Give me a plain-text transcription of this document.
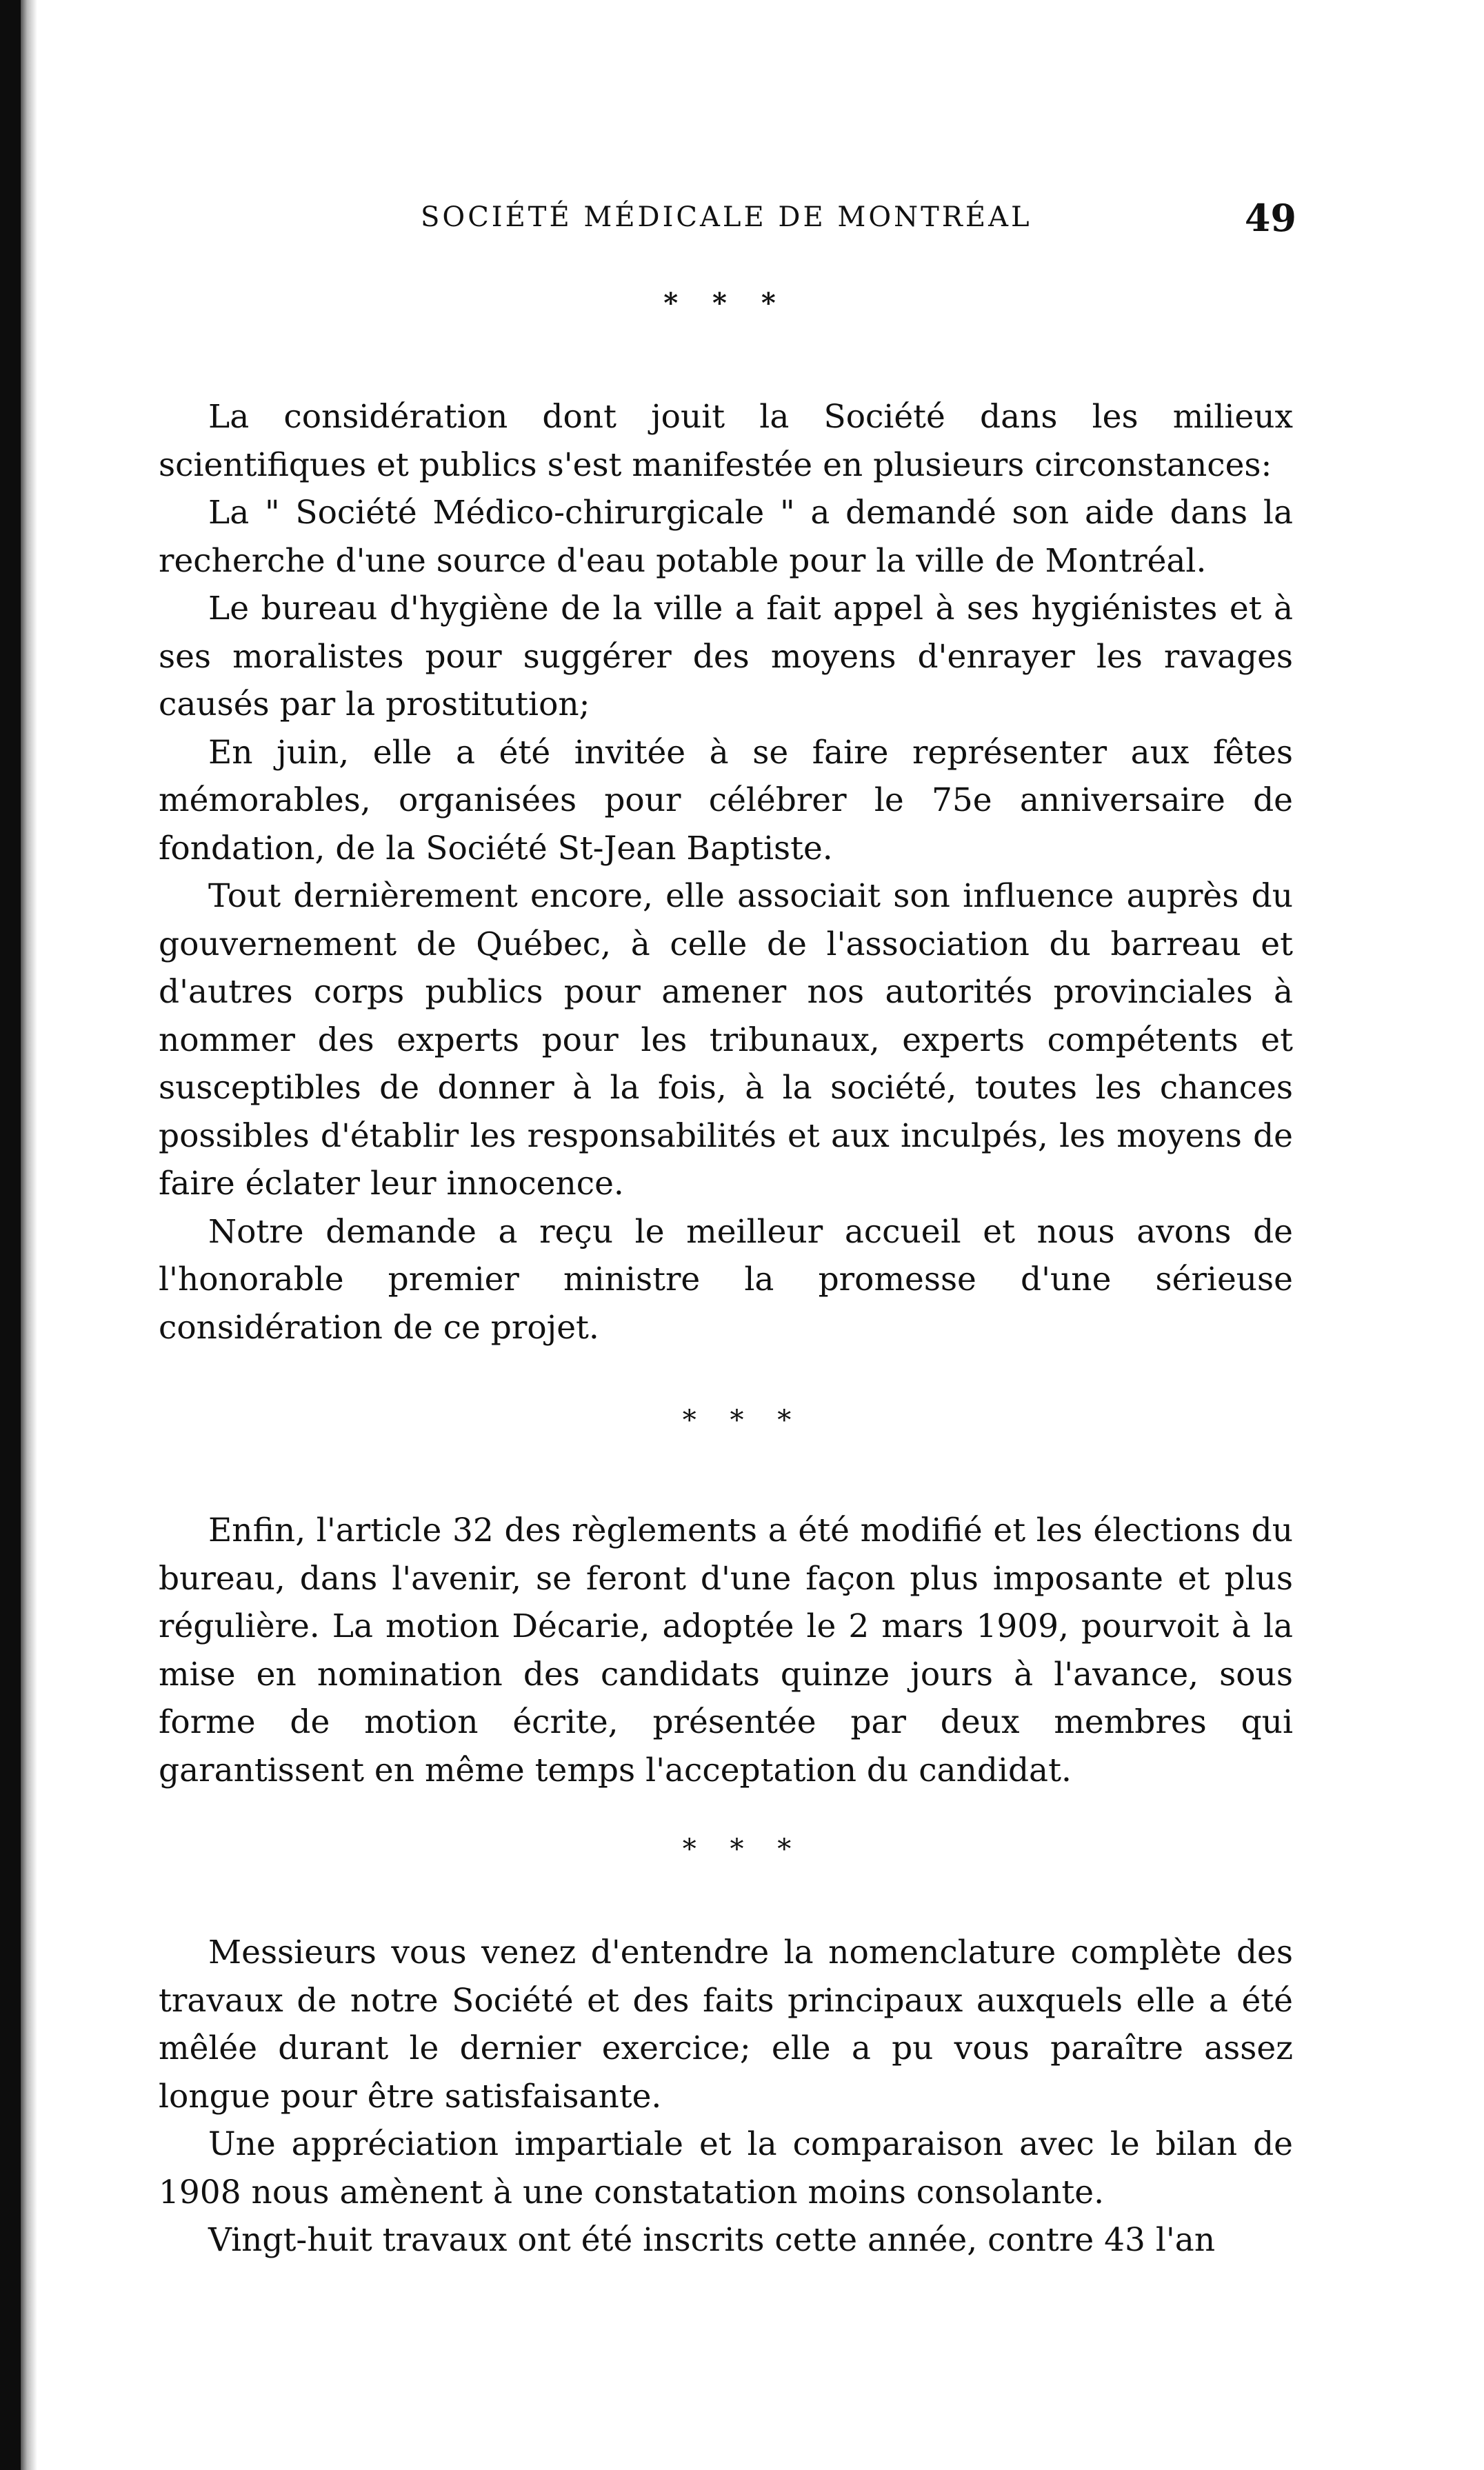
SOCIÉTÉ MÉDICALE DE MONTRÉAL	49
* * *

La considération dont jouit la Société dans les milieux scientifiques et publics s'est manifestée en plusieurs circonstances:

La " Société Médico-chirurgicale " a demandé son aide dans la recherche d'une source d'eau potable pour la ville de Montréal.

Le bureau d'hygiène de la ville a fait appel à ses hygiénistes et à ses moralistes pour suggérer des moyens d'enrayer les ravages causés par la prostitution;

En juin, elle a été invitée à se faire représenter aux fêtes mémorables, organisées pour célébrer le 75e anniversaire de fondation, de la Société St-Jean Baptiste.

Tout dernièrement encore, elle associait son influence auprès du gouvernement de Québec, à celle de l'association du barreau et d'autres corps publics pour amener nos autorités provinciales à nommer des experts pour les tribunaux, experts compétents et susceptibles de donner à la fois, à la société, toutes les chances possibles d'établir les responsabilités et aux inculpés, les moyens de faire éclater leur innocence.

Notre demande a reçu le meilleur accueil et nous avons de l'honorable premier ministre la promesse d'une sérieuse considération de ce projet.

* * *

Enfin, l'article 32 des règlements a été modifié et les élections du bureau, dans l'avenir, se feront d'une façon plus imposante et plus régulière. La motion Décarie, adoptée le 2 mars 1909, pourvoit à la mise en nomination des candidats quinze jours à l'avance, sous forme de motion écrite, présentée par deux membres qui garantissent en même temps l'acceptation du candidat.

* * *

Messieurs vous venez d'entendre la nomenclature complète des travaux de notre Société et des faits principaux auxquels elle a été mêlée durant le dernier exercice; elle a pu vous paraître assez longue pour être satisfaisante.

Une appréciation impartiale et la comparaison avec le bilan de 1908 nous amènent à une constatation moins consolante.

Vingt-huit travaux ont été inscrits cette année, contre 43 l'an
